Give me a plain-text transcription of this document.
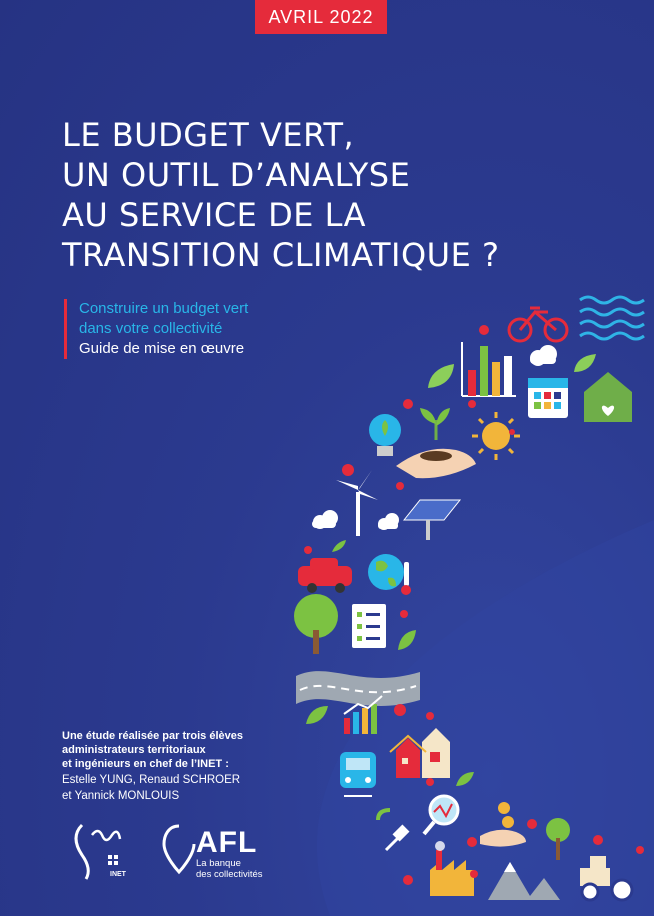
AVRIL 2022
LE BUDGET VERT,
UN OUTIL D’ANALYSE
AU SERVICE DE LA
TRANSITION CLIMATIQUE ?
Construire un budget vert
dans votre collectivité
Guide de mise en œuvre
Une étude réalisée par trois élèves
administrateurs territoriaux
et ingénieurs en chef de l’INET :
Estelle YUNG, Renaud SCHROER
et Yannick MONLOUIS
INET
AFL
La banque
des collectivités
